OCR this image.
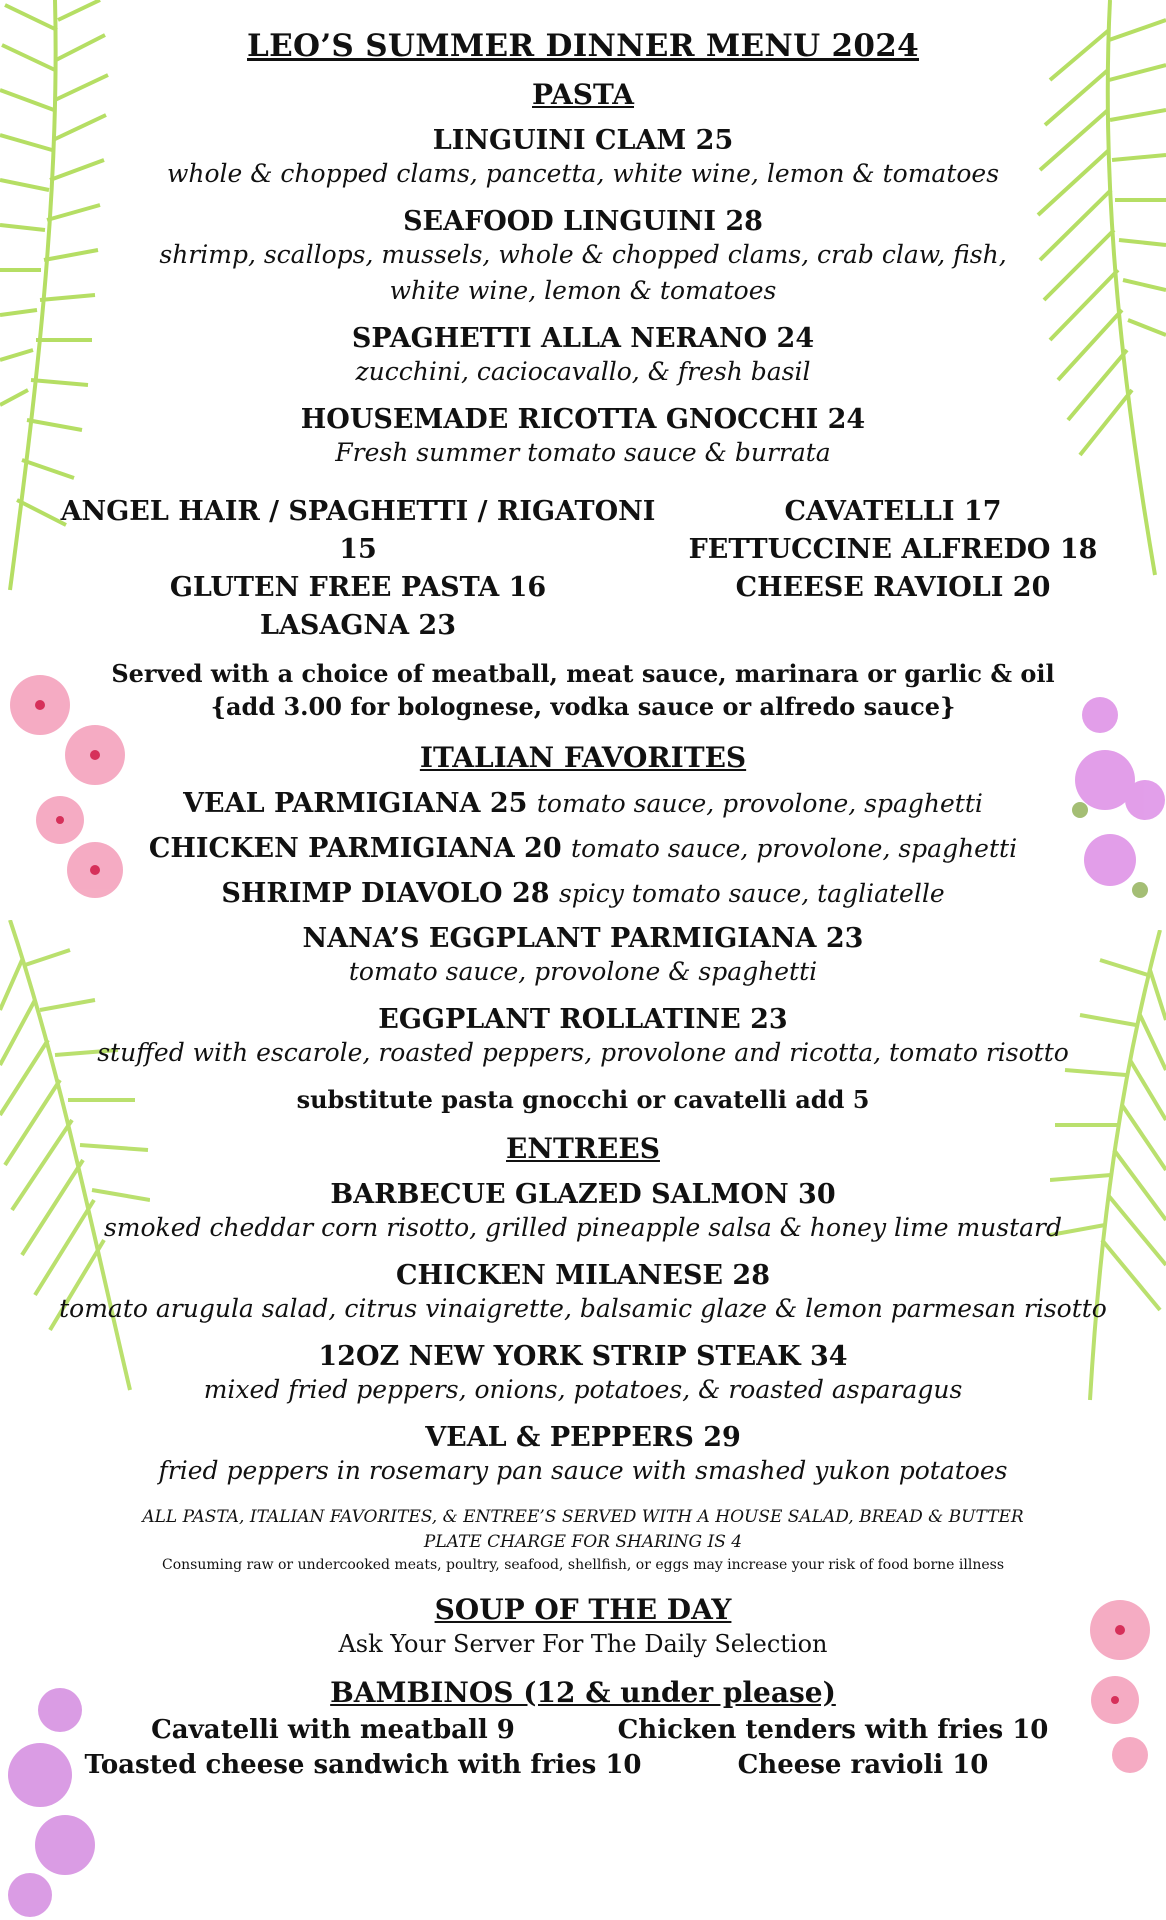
LEO’S SUMMER DINNER MENU 2024
PASTA
LINGUINI CLAM 25
whole & chopped clams, pancetta, white wine, lemon & tomatoes
SEAFOOD LINGUINI 28
shrimp, scallops, mussels, whole & chopped clams, crab claw, fish,
white wine, lemon & tomatoes
SPAGHETTI ALLA NERANO 24
zucchini, caciocavallo, & fresh basil
HOUSEMADE RICOTTA GNOCCHI 24
Fresh summer tomato sauce & burrata
ANGEL HAIR / SPAGHETTI / RIGATONI 15
GLUTEN FREE PASTA 16
LASAGNA 23
CAVATELLI 17
FETTUCCINE ALFREDO 18
CHEESE RAVIOLI 20
Served with a choice of meatball, meat sauce, marinara or garlic & oil
{add 3.00 for bolognese, vodka sauce or alfredo sauce}
ITALIAN FAVORITES
VEAL PARMIGIANA 25 tomato sauce, provolone, spaghetti
CHICKEN PARMIGIANA 20 tomato sauce, provolone, spaghetti
SHRIMP DIAVOLO 28 spicy tomato sauce, tagliatelle
NANA’S EGGPLANT PARMIGIANA 23
tomato sauce, provolone & spaghetti
EGGPLANT ROLLATINE 23
stuffed with escarole, roasted peppers, provolone and ricotta, tomato risotto
substitute pasta gnocchi or cavatelli add 5
ENTREES
BARBECUE GLAZED SALMON 30
smoked cheddar corn risotto, grilled pineapple salsa & honey lime mustard
CHICKEN MILANESE 28
tomato arugula salad, citrus vinaigrette, balsamic glaze & lemon parmesan risotto
12OZ NEW YORK STRIP STEAK 34
mixed fried peppers, onions, potatoes, & roasted asparagus
VEAL & PEPPERS 29
fried peppers in rosemary pan sauce with smashed yukon potatoes
ALL PASTA, ITALIAN FAVORITES, & ENTREE’S SERVED WITH A HOUSE SALAD, BREAD & BUTTER
PLATE CHARGE FOR SHARING IS 4
Consuming raw or undercooked meats, poultry, seafood, shellfish, or eggs may increase your risk of food borne illness
SOUP OF THE DAY
Ask Your Server For The Daily Selection
BAMBINOS (12 & under please)
Cavatelli with meatball 9	Chicken tenders with fries 10
Toasted cheese sandwich with fries 10	Cheese ravioli 10
